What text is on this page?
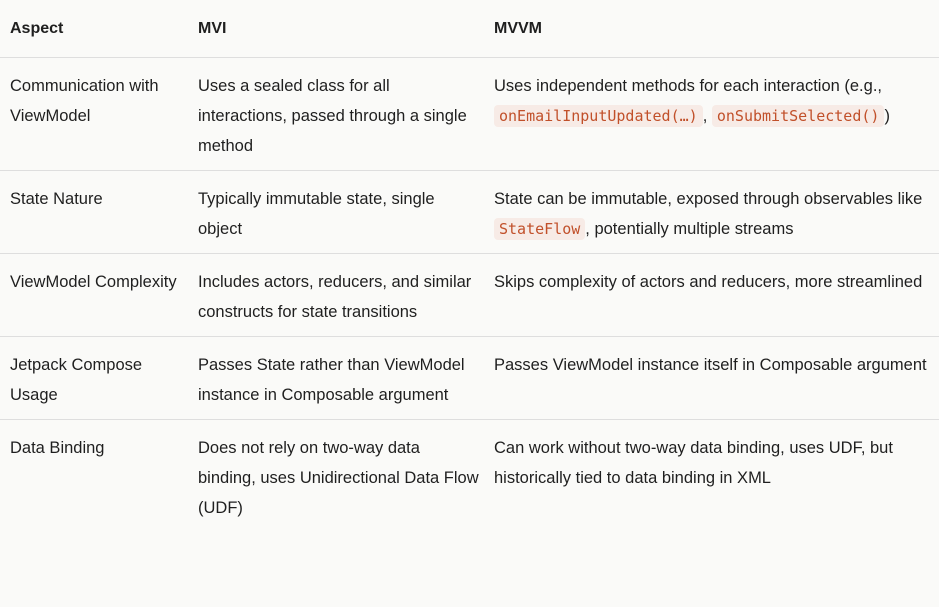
Aspect	MVI	MVVM
Communication with ViewModel	Uses a sealed class for all interactions, passed through a single method	Uses independent methods for each interaction (e.g., onEmailInputUpdated(…) , onSubmitSelected() )
State Nature	Typically immutable state, single object	State can be immutable, exposed through observables like StateFlow , potentially multiple streams
ViewModel Complexity	Includes actors, reducers, and similar constructs for state transitions	Skips complexity of actors and reducers, more streamlined
Jetpack Compose Usage	Passes State rather than ViewModel instance in Composable argument	Passes ViewModel instance itself in Composable argument
Data Binding	Does not rely on two-way data binding, uses Unidirectional Data Flow (UDF)	Can work without two-way data binding, uses UDF, but historically tied to data binding in XML
